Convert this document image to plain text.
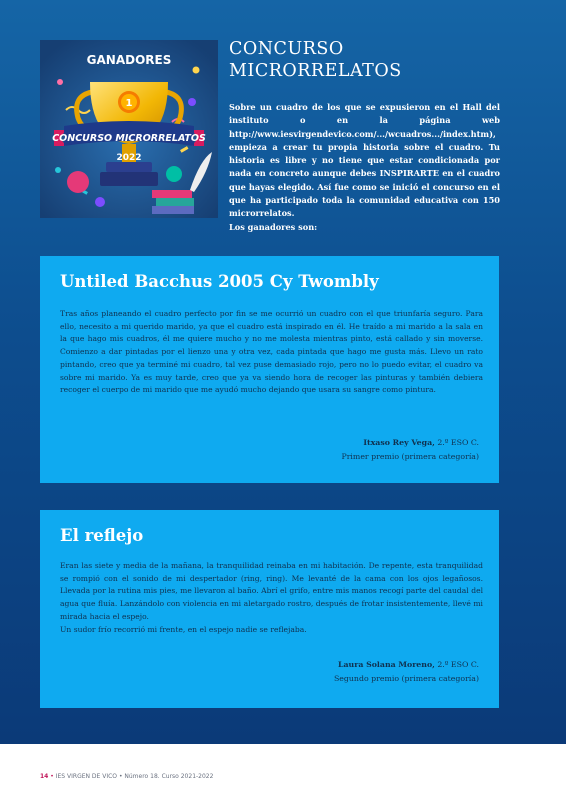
1
CONCURSO MICRORRELATOS
2022
GANADORES
CONCURSO
MICRORRELATOS

Sobre un cuadro de los que se expusieron en el Hall del instituto o en la página web http://www.iesvirgendevico.com/.../wcuadros.../index.htm), empieza a crear tu propia historia sobre el cuadro. Tu historia es libre y no tiene que estar condicionada por nada en concreto aunque debes INSPIRARTE en el cuadro que hayas elegido. Así fue como se inició el concurso en el que ha participado toda la comunidad educativa con 150 microrrelatos.

Los ganadores son:

Untiled Bacchus 2005 Cy Twombly

Tras años planeando el cuadro perfecto por fin se me ocurrió un cuadro con el que triunfaría seguro. Para ello, necesito a mi querido marido, ya que el cuadro está inspirado en él. He traído a mi marido a la sala en la que hago mis cuadros, él me quiere mucho y no me molesta mientras pinto, está callado y sin moverse. Comienzo a dar pintadas por el lienzo una y otra vez, cada pintada que hago me gusta más. Llevo un rato pintando, creo que ya terminé mi cuadro, tal vez puse demasiado rojo, pero no lo puedo evitar, el cuadro va sobre mi marido. Ya es muy tarde, creo que ya va siendo hora de recoger las pinturas y también debiera recoger el cuerpo de mi marido que me ayudó mucho dejando que usara su sangre como pintura.

Itxaso Rey Vega, 2.º ESO C.
Primer premio (primera categoría)
El reflejo

Eran las siete y media de la mañana, la tranquilidad reinaba en mi habitación. De repente, esta tranquilidad se rompió con el sonido de mi despertador (ring, ring). Me levanté de la cama con los ojos legañosos. Llevada por la rutina mis pies, me llevaron al baño. Abrí el grifo, entre mis manos recogí parte del caudal del agua que fluía. Lanzándolo con violencia en mi aletargado rostro, después de frotar insistentemente, llevé mi mirada hacia el espejo.

Un sudor frío recorrió mi frente, en el espejo nadie se reflejaba.

Laura Solana Moreno, 2.º ESO C.
Segundo premio (primera categoría)
14 • IES VIRGEN DE VICO • Número 18. Curso 2021-2022
